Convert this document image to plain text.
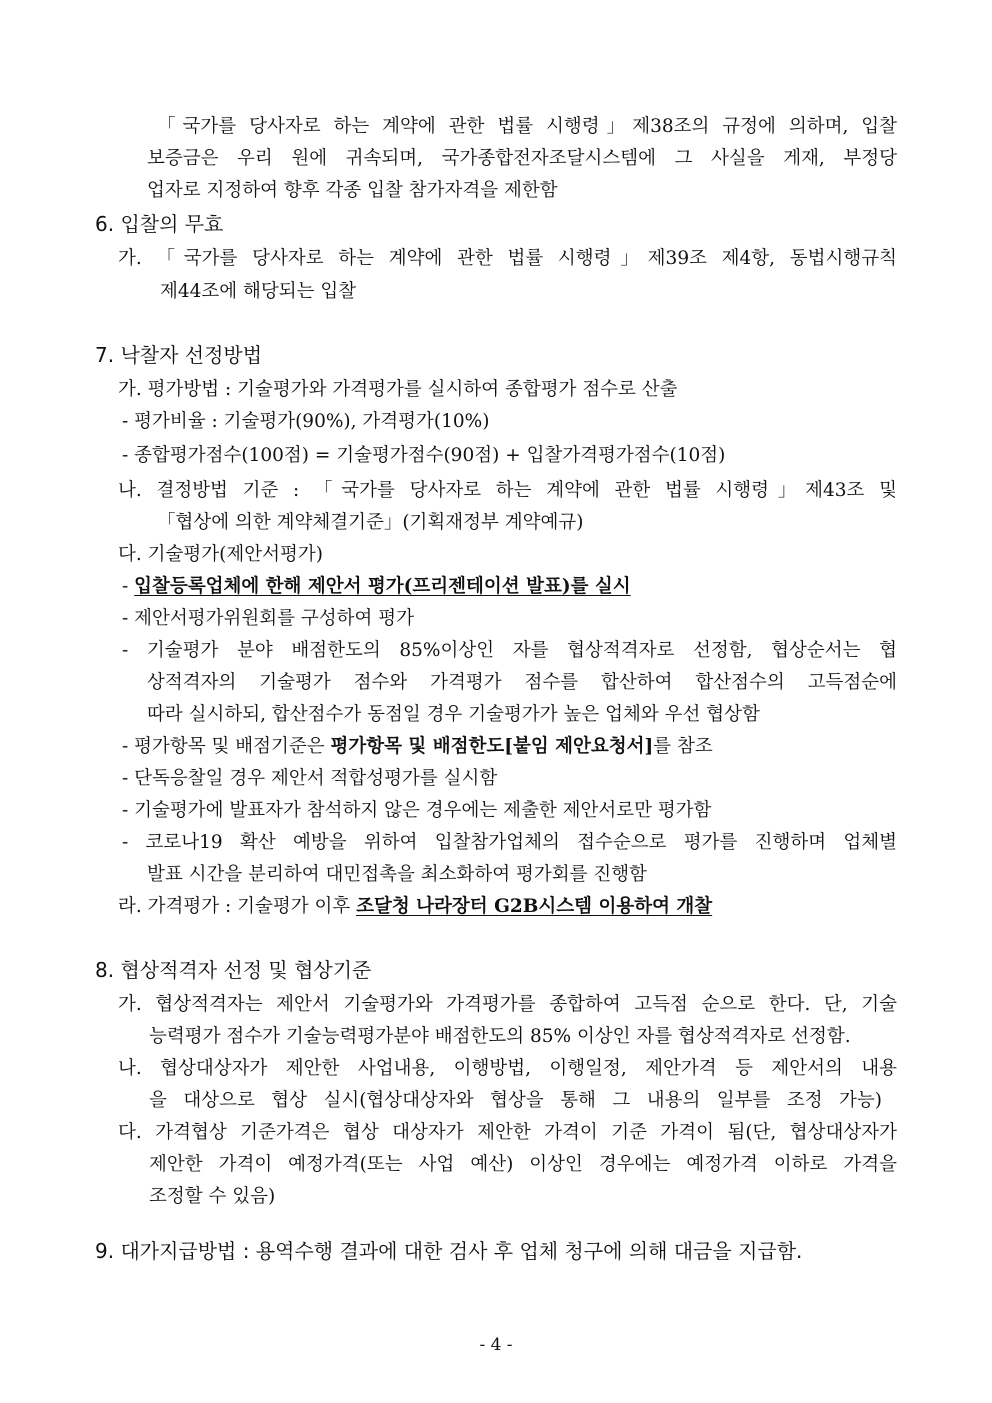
「국가를 당사자로 하는 계약에 관한 법률 시행령」제38조의 규정에 의하며, 입찰
보증금은 우리 원에 귀속되며, 국가종합전자조달시스템에 그 사실을 게재, 부정당
업자로 지정하여 향후 각종 입찰 참가자격을 제한함
6. 입찰의 무효
가. 「국가를 당사자로 하는 계약에 관한 법률 시행령」제39조 제4항, 동법시행규칙
제44조에 해당되는 입찰
7. 낙찰자 선정방법
가. 평가방법 : 기술평가와 가격평가를 실시하여 종합평가 점수로 산출
- 평가비율 : 기술평가(90%), 가격평가(10%)
- 종합평가점수(100점) = 기술평가점수(90점) + 입찰가격평가점수(10점)
나. 결정방법 기준 : 「국가를 당사자로 하는 계약에 관한 법률 시행령」제43조 및
「협상에 의한 계약체결기준」(기획재정부 계약예규)
다. 기술평가(제안서평가)
- 입찰등록업체에 한해 제안서 평가(프리젠테이션 발표)를 실시
- 제안서평가위원회를 구성하여 평가
- 기술평가 분야 배점한도의 85%이상인 자를 협상적격자로 선정함, 협상순서는 협
상적격자의 기술평가 점수와 가격평가 점수를 합산하여 합산점수의 고득점순에
따라 실시하되, 합산점수가 동점일 경우 기술평가가 높은 업체와 우선 협상함
- 평가항목 및 배점기준은 평가항목 및 배점한도[붙임 제안요청서]를 참조
- 단독응찰일 경우 제안서 적합성평가를 실시함
- 기술평가에 발표자가 참석하지 않은 경우에는 제출한 제안서로만 평가함
- 코로나19 확산 예방을 위하여 입찰참가업체의 접수순으로 평가를 진행하며 업체별
발표 시간을 분리하여 대민접촉을 최소화하여 평가회를 진행함
라. 가격평가 : 기술평가 이후 조달청 나라장터 G2B시스템 이용하여 개찰
8. 협상적격자 선정 및 협상기준
가. 협상적격자는 제안서 기술평가와 가격평가를 종합하여 고득점 순으로 한다. 단, 기술
능력평가 점수가 기술능력평가분야 배점한도의 85% 이상인 자를 협상적격자로 선정함.
나. 협상대상자가 제안한 사업내용, 이행방법, 이행일정, 제안가격 등 제안서의 내용
을 대상으로 협상 실시(협상대상자와 협상을 통해 그 내용의 일부를 조정 가능)
다. 가격협상 기준가격은 협상 대상자가 제안한 가격이 기준 가격이 됨(단, 협상대상자가
제안한 가격이 예정가격(또는 사업 예산) 이상인 경우에는 예정가격 이하로 가격을
조정할 수 있음)
9. 대가지급방법 : 용역수행 결과에 대한 검사 후 업체 청구에 의해 대금을 지급함.
- 4 -
